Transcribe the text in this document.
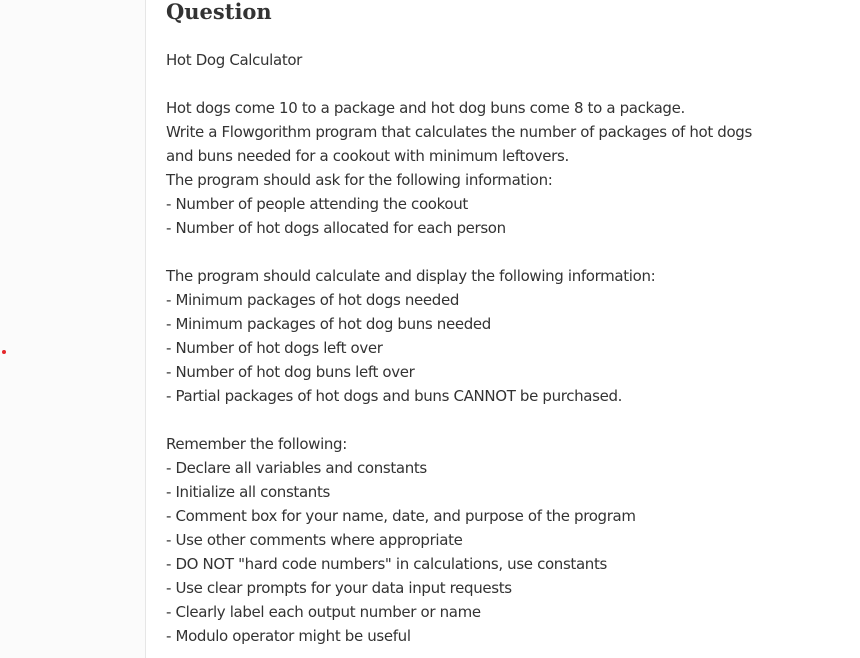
Question
Hot Dog Calculator
Hot dogs come 10 to a package and hot dog buns come 8 to a package.
Write a Flowgorithm program that calculates the number of packages of hot dogs
and buns needed for a cookout with minimum leftovers.
The program should ask for the following information:
- Number of people attending the cookout
- Number of hot dogs allocated for each person
The program should calculate and display the following information:
- Minimum packages of hot dogs needed
- Minimum packages of hot dog buns needed
- Number of hot dogs left over
- Number of hot dog buns left over
- Partial packages of hot dogs and buns CANNOT be purchased.
Remember the following:
- Declare all variables and constants
- Initialize all constants
- Comment box for your name, date, and purpose of the program
- Use other comments where appropriate
- DO NOT "hard code numbers" in calculations, use constants
- Use clear prompts for your data input requests
- Clearly label each output number or name
- Modulo operator might be useful
